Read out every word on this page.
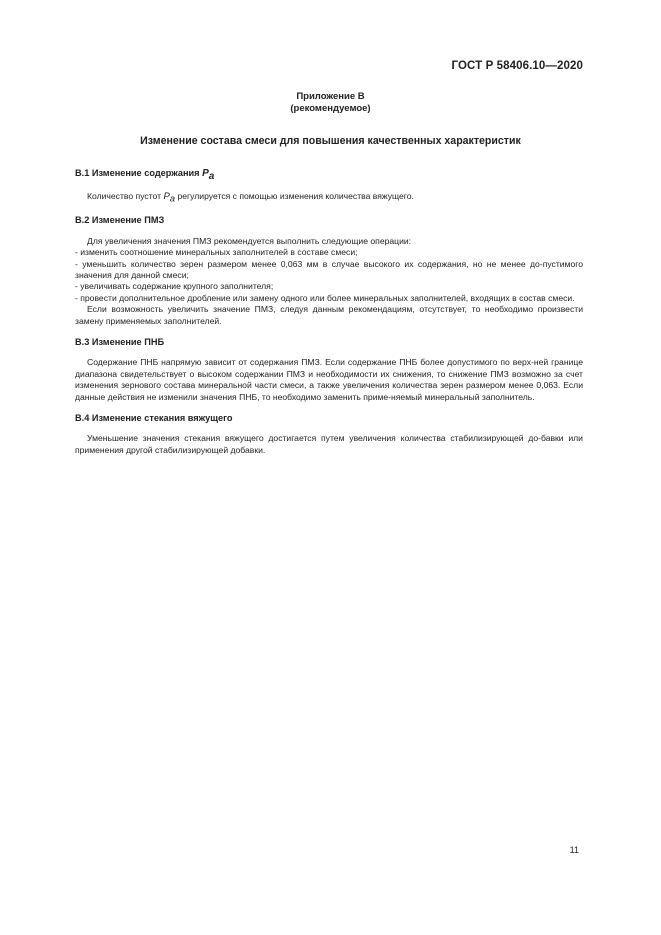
ГОСТ Р 58406.10—2020
Приложение В
(рекомендуемое)
Изменение состава смеси для повышения качественных характеристик
В.1 Изменение содержания $P_a$

Количество пустот $P_a$ регулируется с помощью изменения количества вяжущего.

В.2 Изменение ПМЗ

Для увеличения значения ПМЗ рекомендуется выполнить следующие операции:

- изменить соотношение минеральных заполнителей в составе смеси;

- уменьшить количество зерен размером менее 0,063 мм в случае высокого их содержания, но не менее до-пустимого значения для данной смеси;

- увеличивать содержание крупного заполнителя;

- провести дополнительное дробление или замену одного или более минеральных заполнителей, входящих в состав смеси.

Если возможность увеличить значение ПМЗ, следуя данным рекомендациям, отсутствует, то необходимо произвести замену применяемых заполнителей.

В.3 Изменение ПНБ

Содержание ПНБ напрямую зависит от содержания ПМЗ. Если содержание ПНБ более допустимого по верх-ней границе диапазона свидетельствует о высоком содержании ПМЗ и необходимости их снижения, то снижение ПМЗ возможно за счет изменения зернового состава минеральной части смеси, а также увеличения количества зерен размером менее 0,063. Если данные действия не изменили значения ПНБ, то необходимо заменить приме-няемый минеральный заполнитель.

В.4 Изменение стекания вяжущего

Уменьшение значения стекания вяжущего достигается путем увеличения количества стабилизирующей до-бавки или применения другой стабилизирующей добавки.

11
